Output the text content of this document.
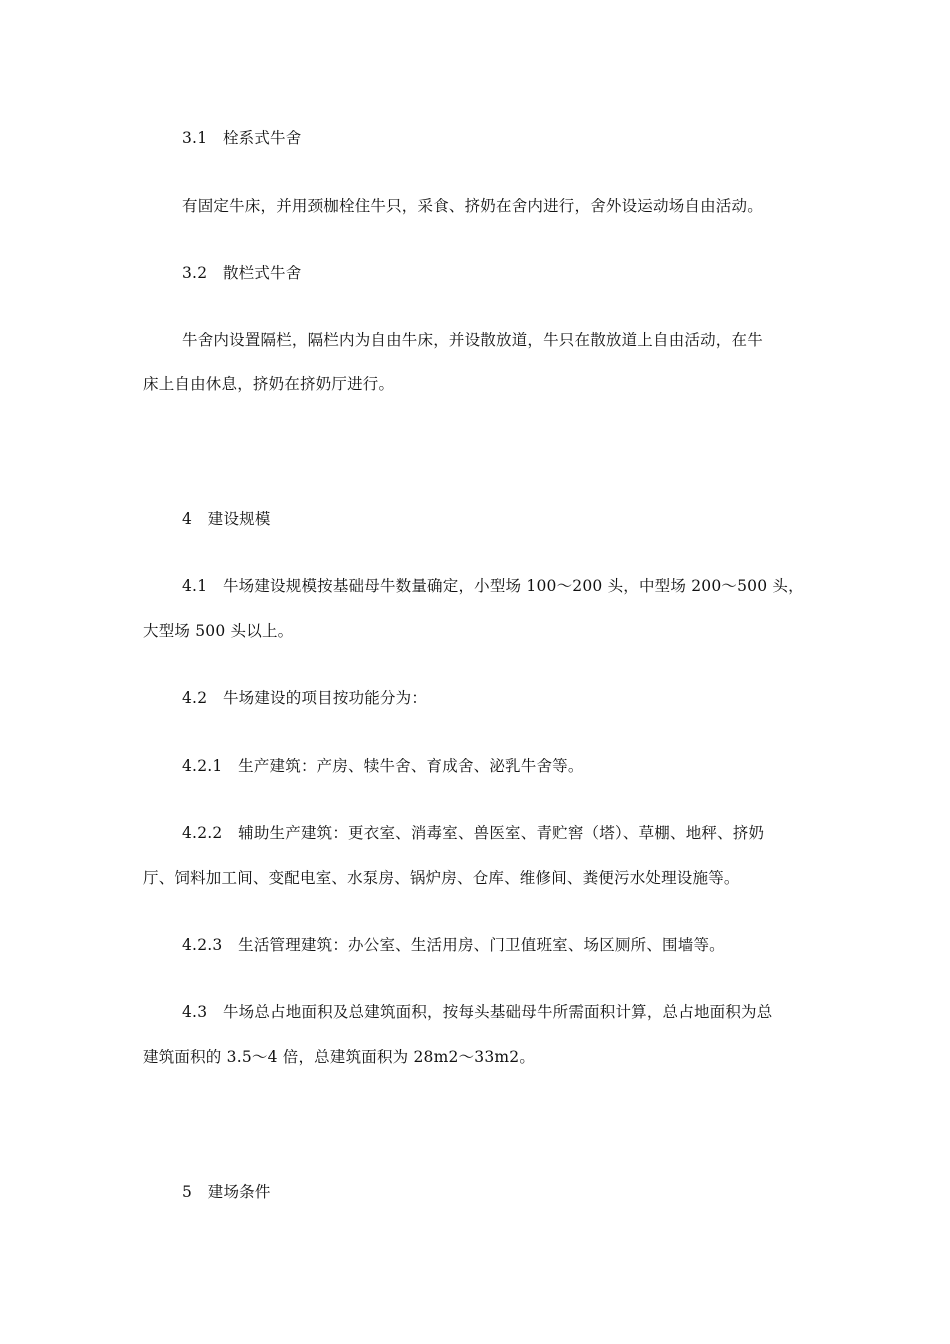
3.1　栓系式牛舍
有固定牛床，并用颈枷栓住牛只，采食、挤奶在舍内进行，舍外设运动场自由活动。
3.2　散栏式牛舍
牛舍内设置隔栏，隔栏内为自由牛床，并设散放道，牛只在散放道上自由活动，在牛
床上自由休息，挤奶在挤奶厅进行。
4　建设规模
4.1　牛场建设规模按基础母牛数量确定，小型场 100～200 头，中型场 200～500 头，
大型场 500 头以上。
4.2　牛场建设的项目按功能分为：
4.2.1　生产建筑：产房、犊牛舍、育成舍、泌乳牛舍等。
4.2.2　辅助生产建筑：更衣室、消毒室、兽医室、青贮窖（塔）、草棚、地秤、挤奶
厅、饲料加工间、变配电室、水泵房、锅炉房、仓库、维修间、粪便污水处理设施等。
4.2.3　生活管理建筑：办公室、生活用房、门卫值班室、场区厕所、围墙等。
4.3　牛场总占地面积及总建筑面积，按每头基础母牛所需面积计算，总占地面积为总
建筑面积的 3.5～4 倍，总建筑面积为 28m2～33m2。
5　建场条件
